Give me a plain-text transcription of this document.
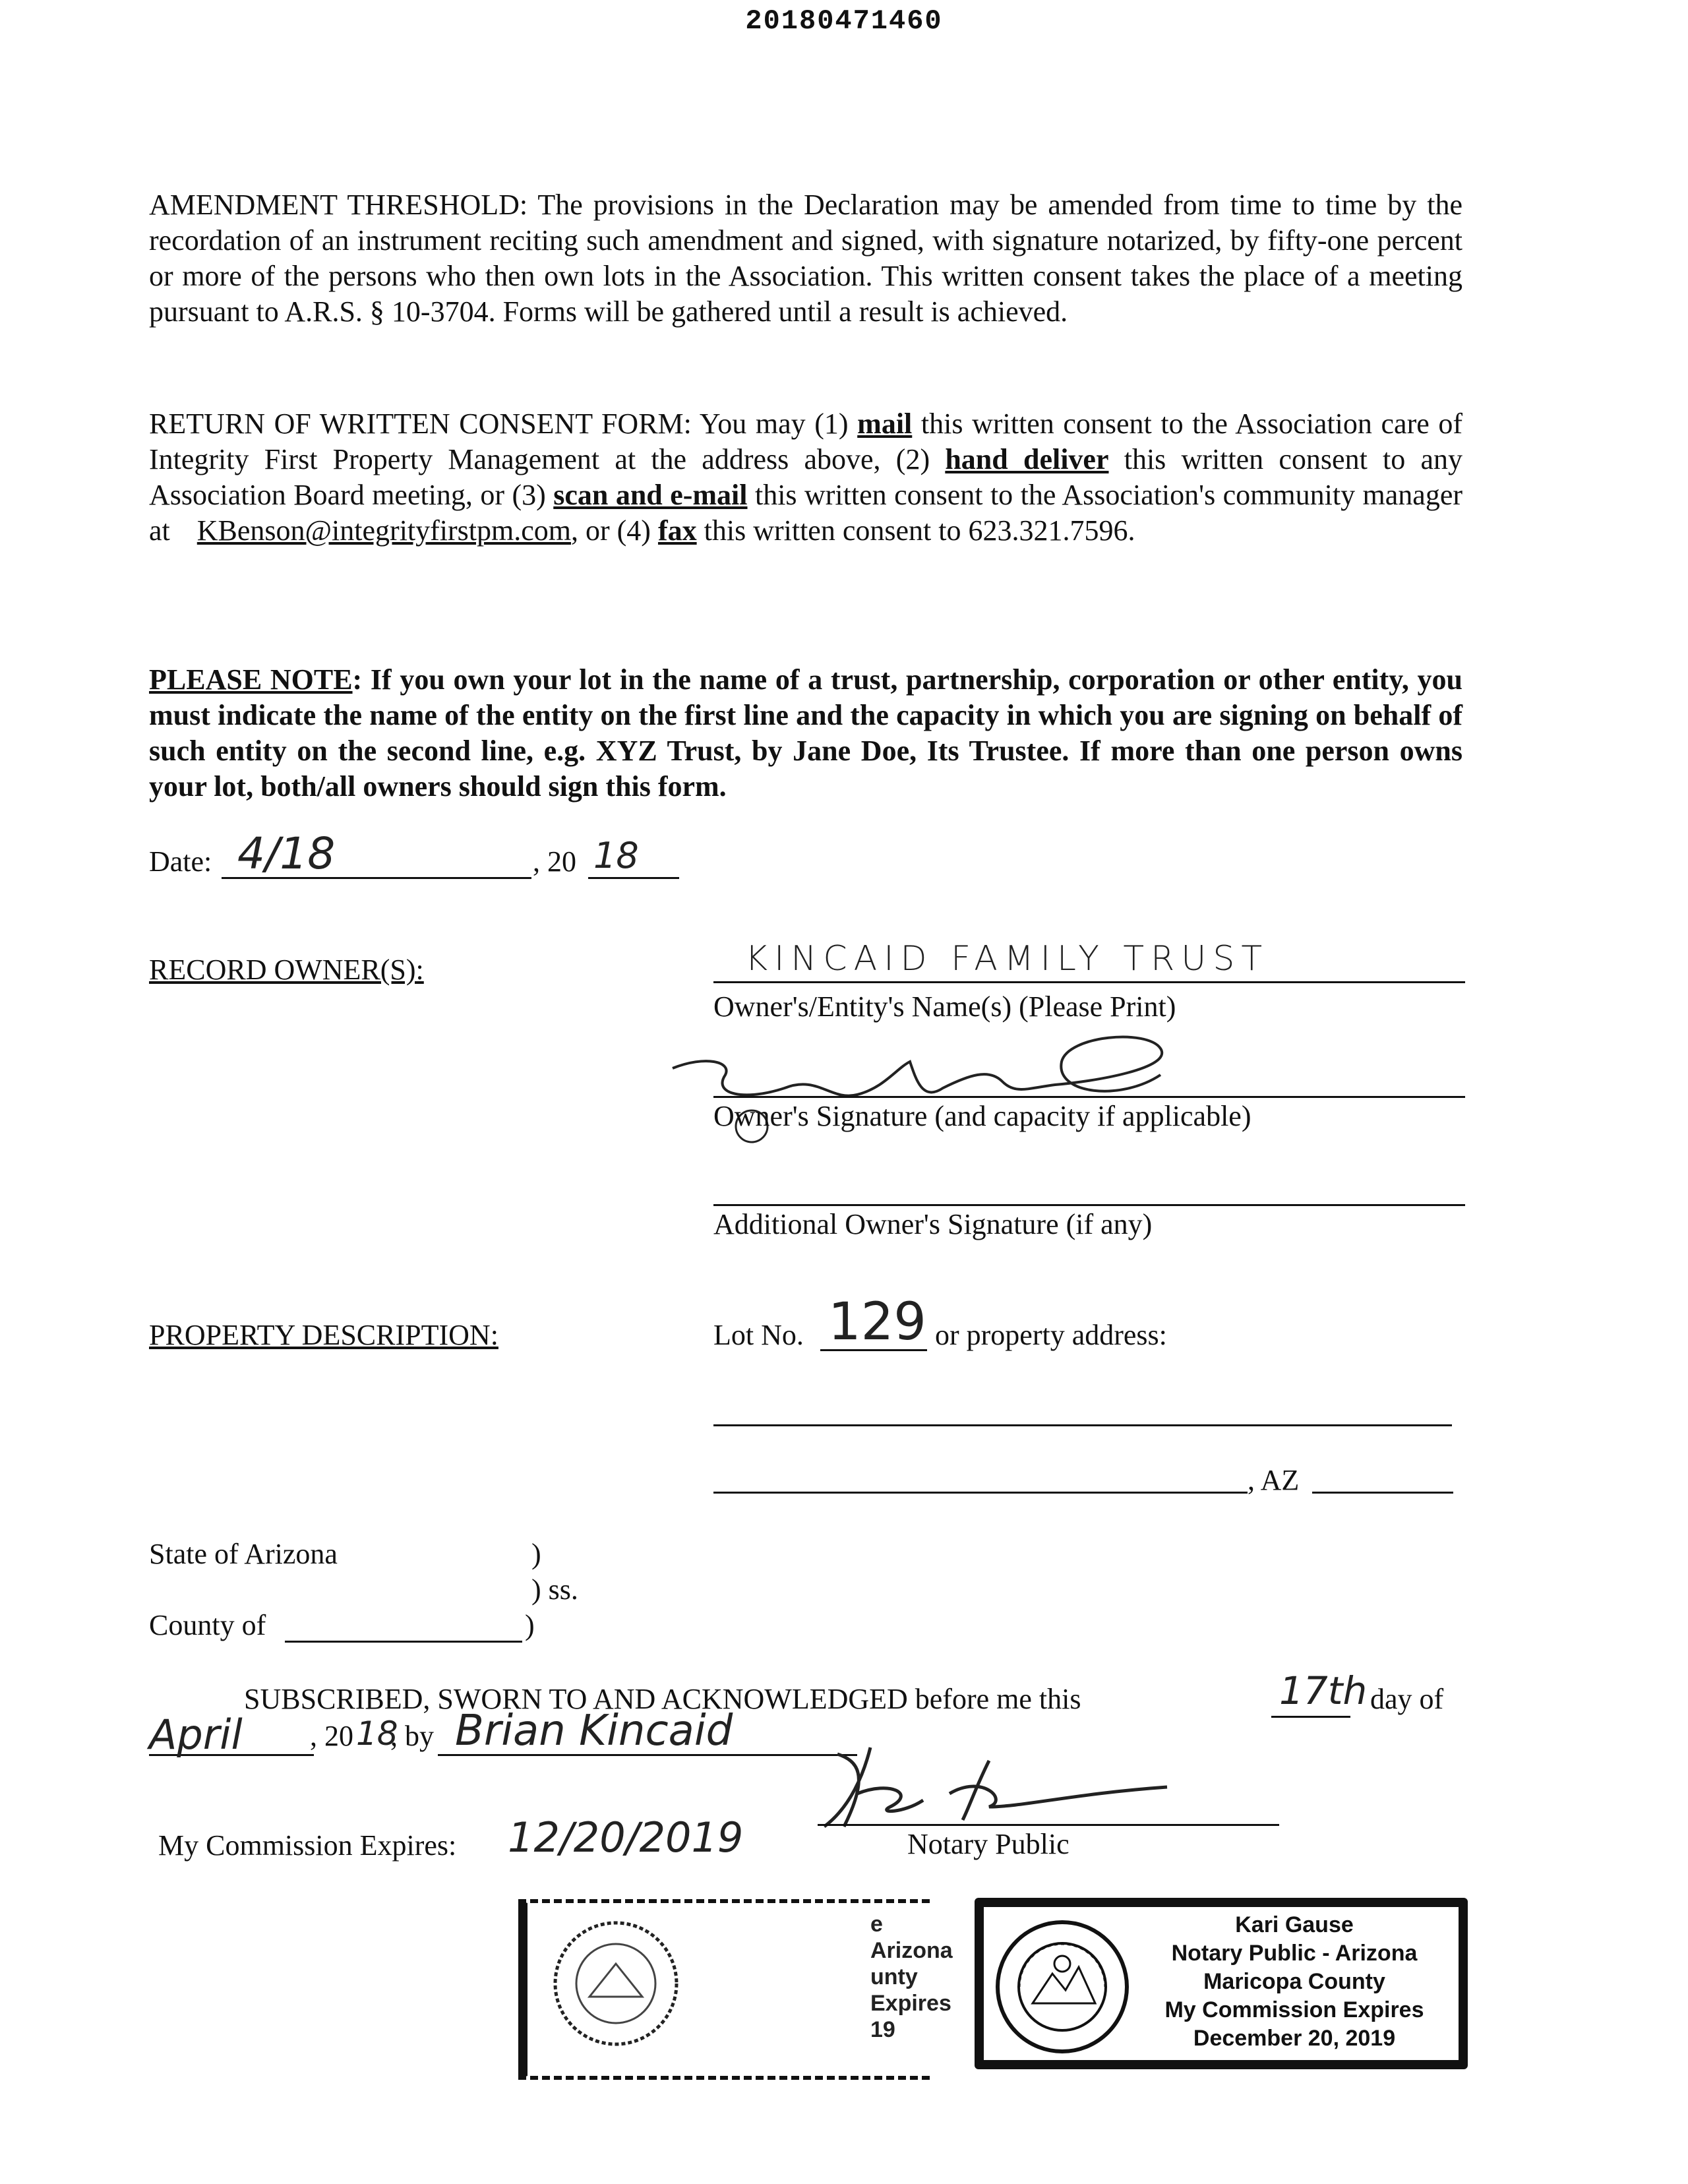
20180471460
AMENDMENT THRESHOLD: The provisions in the Declaration may be amended from time to time by the recordation of an instrument reciting such amendment and signed, with signature notarized, by fifty-one percent or more of the persons who then own lots in the Association. This written consent takes the place of a meeting pursuant to A.R.S. § 10-3704. Forms will be gathered until a result is achieved.
RETURN OF WRITTEN CONSENT FORM: You may (1) mail this written consent to the Association care of Integrity First Property Management at the address above, (2) hand deliver this written consent to any Association Board meeting, or (3) scan and e-mail this written consent to the Association's community manager at KBenson@integrityfirstpm.com, or (4) fax this written consent to 623.321.7596.
PLEASE NOTE: If you own your lot in the name of a trust, partnership, corporation or other entity, you must indicate the name of the entity on the first line and the capacity in which you are signing on behalf of such entity on the second line, e.g. XYZ Trust, by Jane Doe, Its Trustee. If more than one person owns your lot, both/all owners should sign this form.
Date: 4/18	, 20 18
RECORD OWNER(S):	KINCAID FAMILY TRUST
Owner's/Entity's Name(s) (Please Print)
Owner's Signature (and capacity if applicable)
Additional Owner's Signature (if any)
PROPERTY DESCRIPTION:	Lot No. 129 or property address:
, AZ
State of Arizona	)
) ss.
County of	)
SUBSCRIBED, SWORN TO AND ACKNOWLEDGED before me this	17th day of
April , 20 18
, by Brian Kincaid
Notary Public
My Commission Expires: 12/20/2019
e
Arizona
unty
Expires
19
Kari Gause
Notary Public - Arizona
Maricopa County
My Commission Expires
December 20, 2019
